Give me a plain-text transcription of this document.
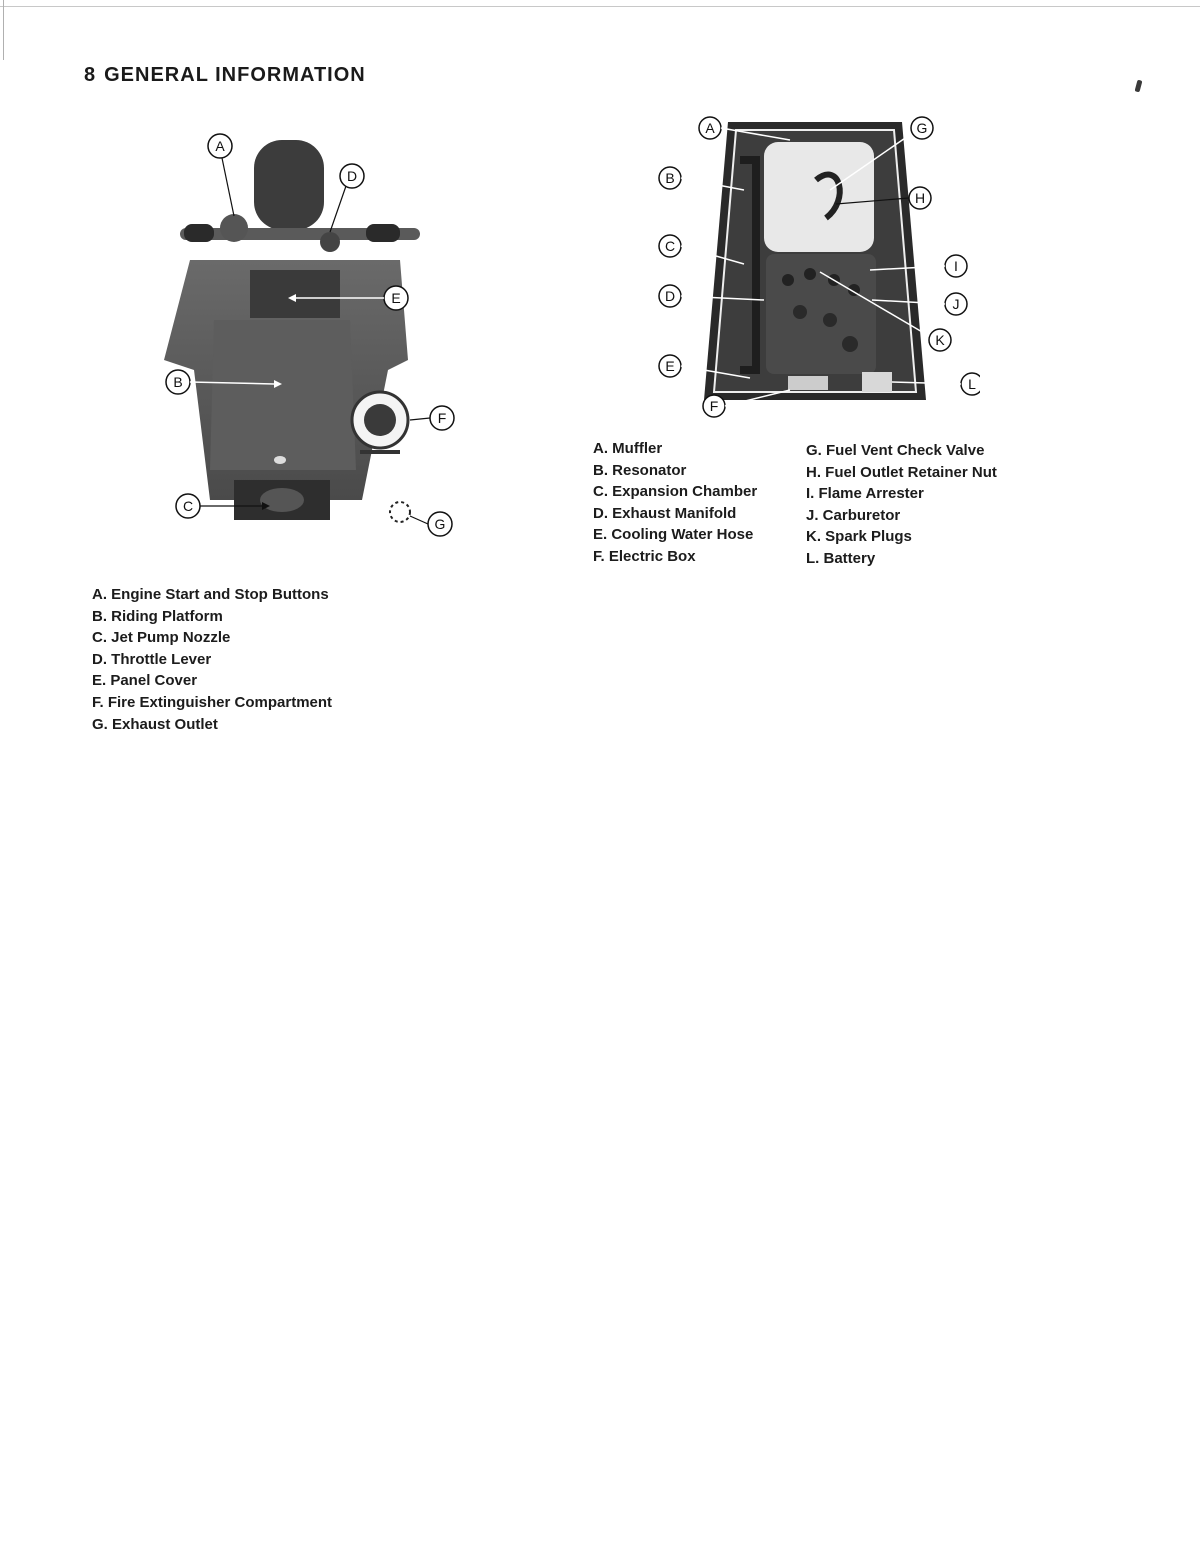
8 GENERAL INFORMATION
A
D
E
B
F
C
G
A
B
C
D
E
F
G
H
I
J
K
L
A. Muffler
B. Resonator
C. Expansion Chamber
D. Exhaust Manifold
E. Cooling Water Hose
F. Electric Box
G. Fuel Vent Check Valve
H. Fuel Outlet Retainer Nut
I. Flame Arrester
J. Carburetor
K. Spark Plugs
L. Battery
A. Engine Start and Stop Buttons
B. Riding Platform
C. Jet Pump Nozzle
D. Throttle Lever
E. Panel Cover
F. Fire Extinguisher Compartment
G. Exhaust Outlet
